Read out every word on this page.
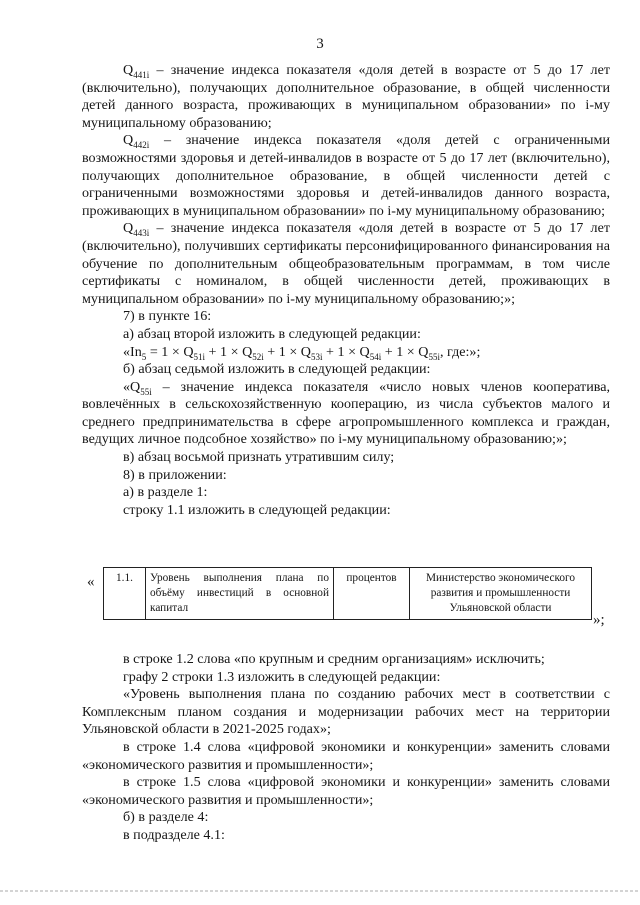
3

$Q_{441i}$ – значение индекса показателя «доля детей в возрасте от 5 до 17 лет (включительно), получающих дополнительное образование, в общей численности детей данного возраста, проживающих в муниципальном образовании» по i-му муниципальному образованию;

$Q_{442i}$ – значение индекса показателя «доля детей с ограниченными возможностями здоровья и детей-инвалидов в возрасте от 5 до 17 лет (включительно), получающих дополнительное образование, в общей численности детей с ограниченными возможностями здоровья и детей-инвалидов данного возраста, проживающих в муниципальном образовании» по i-му муниципальному образованию;

$Q_{443i}$ – значение индекса показателя «доля детей в возрасте от 5 до 17 лет (включительно), получивших сертификаты персонифицированного финансирования на обучение по дополнительным общеобразовательным программам, в том числе сертификаты с номиналом, в общей численности детей, проживающих в муниципальном образовании» по i-му муниципальному образованию;»;

7) в пункте 16:

а) абзац второй изложить в следующей редакции:

«$In_5 = 1 \times Q_{51i} + 1 \times Q_{52i} + 1 \times Q_{53i} + 1 \times Q_{54i} + 1 \times Q_{55i}$, где:»;

б) абзац седьмой изложить в следующей редакции:

«$Q_{55i}$ – значение индекса показателя «число новых членов кооператива, вовлечённых в сельскохозяйственную кооперацию, из числа субъектов малого и среднего предпринимательства в сфере агропромышленного комплекса и граждан, ведущих личное подсобное хозяйство» по i-му муниципальному образованию;»;

в) абзац восьмой признать утратившим силу;

8) в приложении:

а) в разделе 1:

строку 1.1 изложить в следующей редакции:

« 1.1.	Уровень выполнения плана по объёму инвестиций в основной капитал	процентов	Министерство экономического развития и промышленности Ульяновской области
»;

в строке 1.2 слова «по крупным и средним организациям» исключить;

графу 2 строки 1.3 изложить в следующей редакции:

«Уровень выполнения плана по созданию рабочих мест в соответствии с Комплексным планом создания и модернизации рабочих мест на территории Ульяновской области в 2021-2025 годах»;

в строке 1.4 слова «цифровой экономики и конкуренции» заменить словами «экономического развития и промышленности»;

в строке 1.5 слова «цифровой экономики и конкуренции» заменить словами «экономического развития и промышленности»;

б) в разделе 4:

в подразделе 4.1:
